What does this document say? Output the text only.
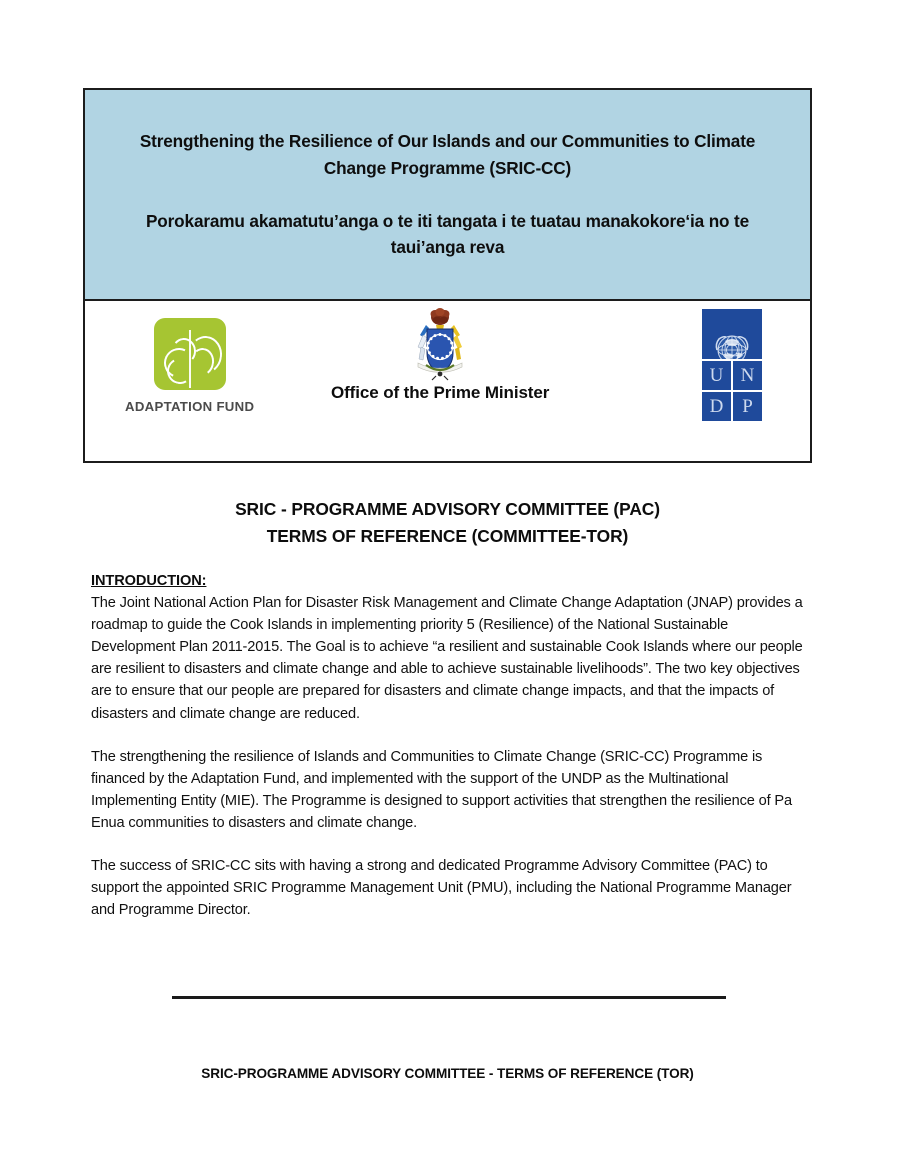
Strengthening the Resilience of Our Islands and our Communities to Climate Change Programme (SRIC-CC)
Porokaramu akamatutu’anga o te iti tangata i te tuatau manakokore‘ia no te taui’anga reva
ADAPTATION FUND
Office of the Prime Minister
U N
D P
SRIC - PROGRAMME ADVISORY COMMITTEE (PAC)
TERMS OF REFERENCE (COMMITTEE-TOR)
INTRODUCTION:

The Joint National Action Plan for Disaster Risk Management and Climate Change Adaptation (JNAP) provides a roadmap to guide the Cook Islands in implementing priority 5 (Resilience) of the National Sustainable Development Plan 2011-2015. The Goal is to achieve “a resilient and sustainable Cook Islands where our people are resilient to disasters and climate change and able to achieve sustainable livelihoods”. The two key objectives are to ensure that our people are prepared for disasters and climate change impacts, and that the impacts of disasters and climate change are reduced.

The strengthening the resilience of Islands and Communities to Climate Change (SRIC-CC) Programme is financed by the Adaptation Fund, and implemented with the support of the UNDP as the Multinational Implementing Entity (MIE). The Programme is designed to support activities that strengthen the resilience of Pa Enua communities to disasters and climate change.

The success of SRIC-CC sits with having a strong and dedicated Programme Advisory Committee (PAC) to support the appointed SRIC Programme Management Unit (PMU), including the National Programme Manager and Programme Director.

SRIC-PROGRAMME ADVISORY COMMITTEE - TERMS OF REFERENCE (TOR)
